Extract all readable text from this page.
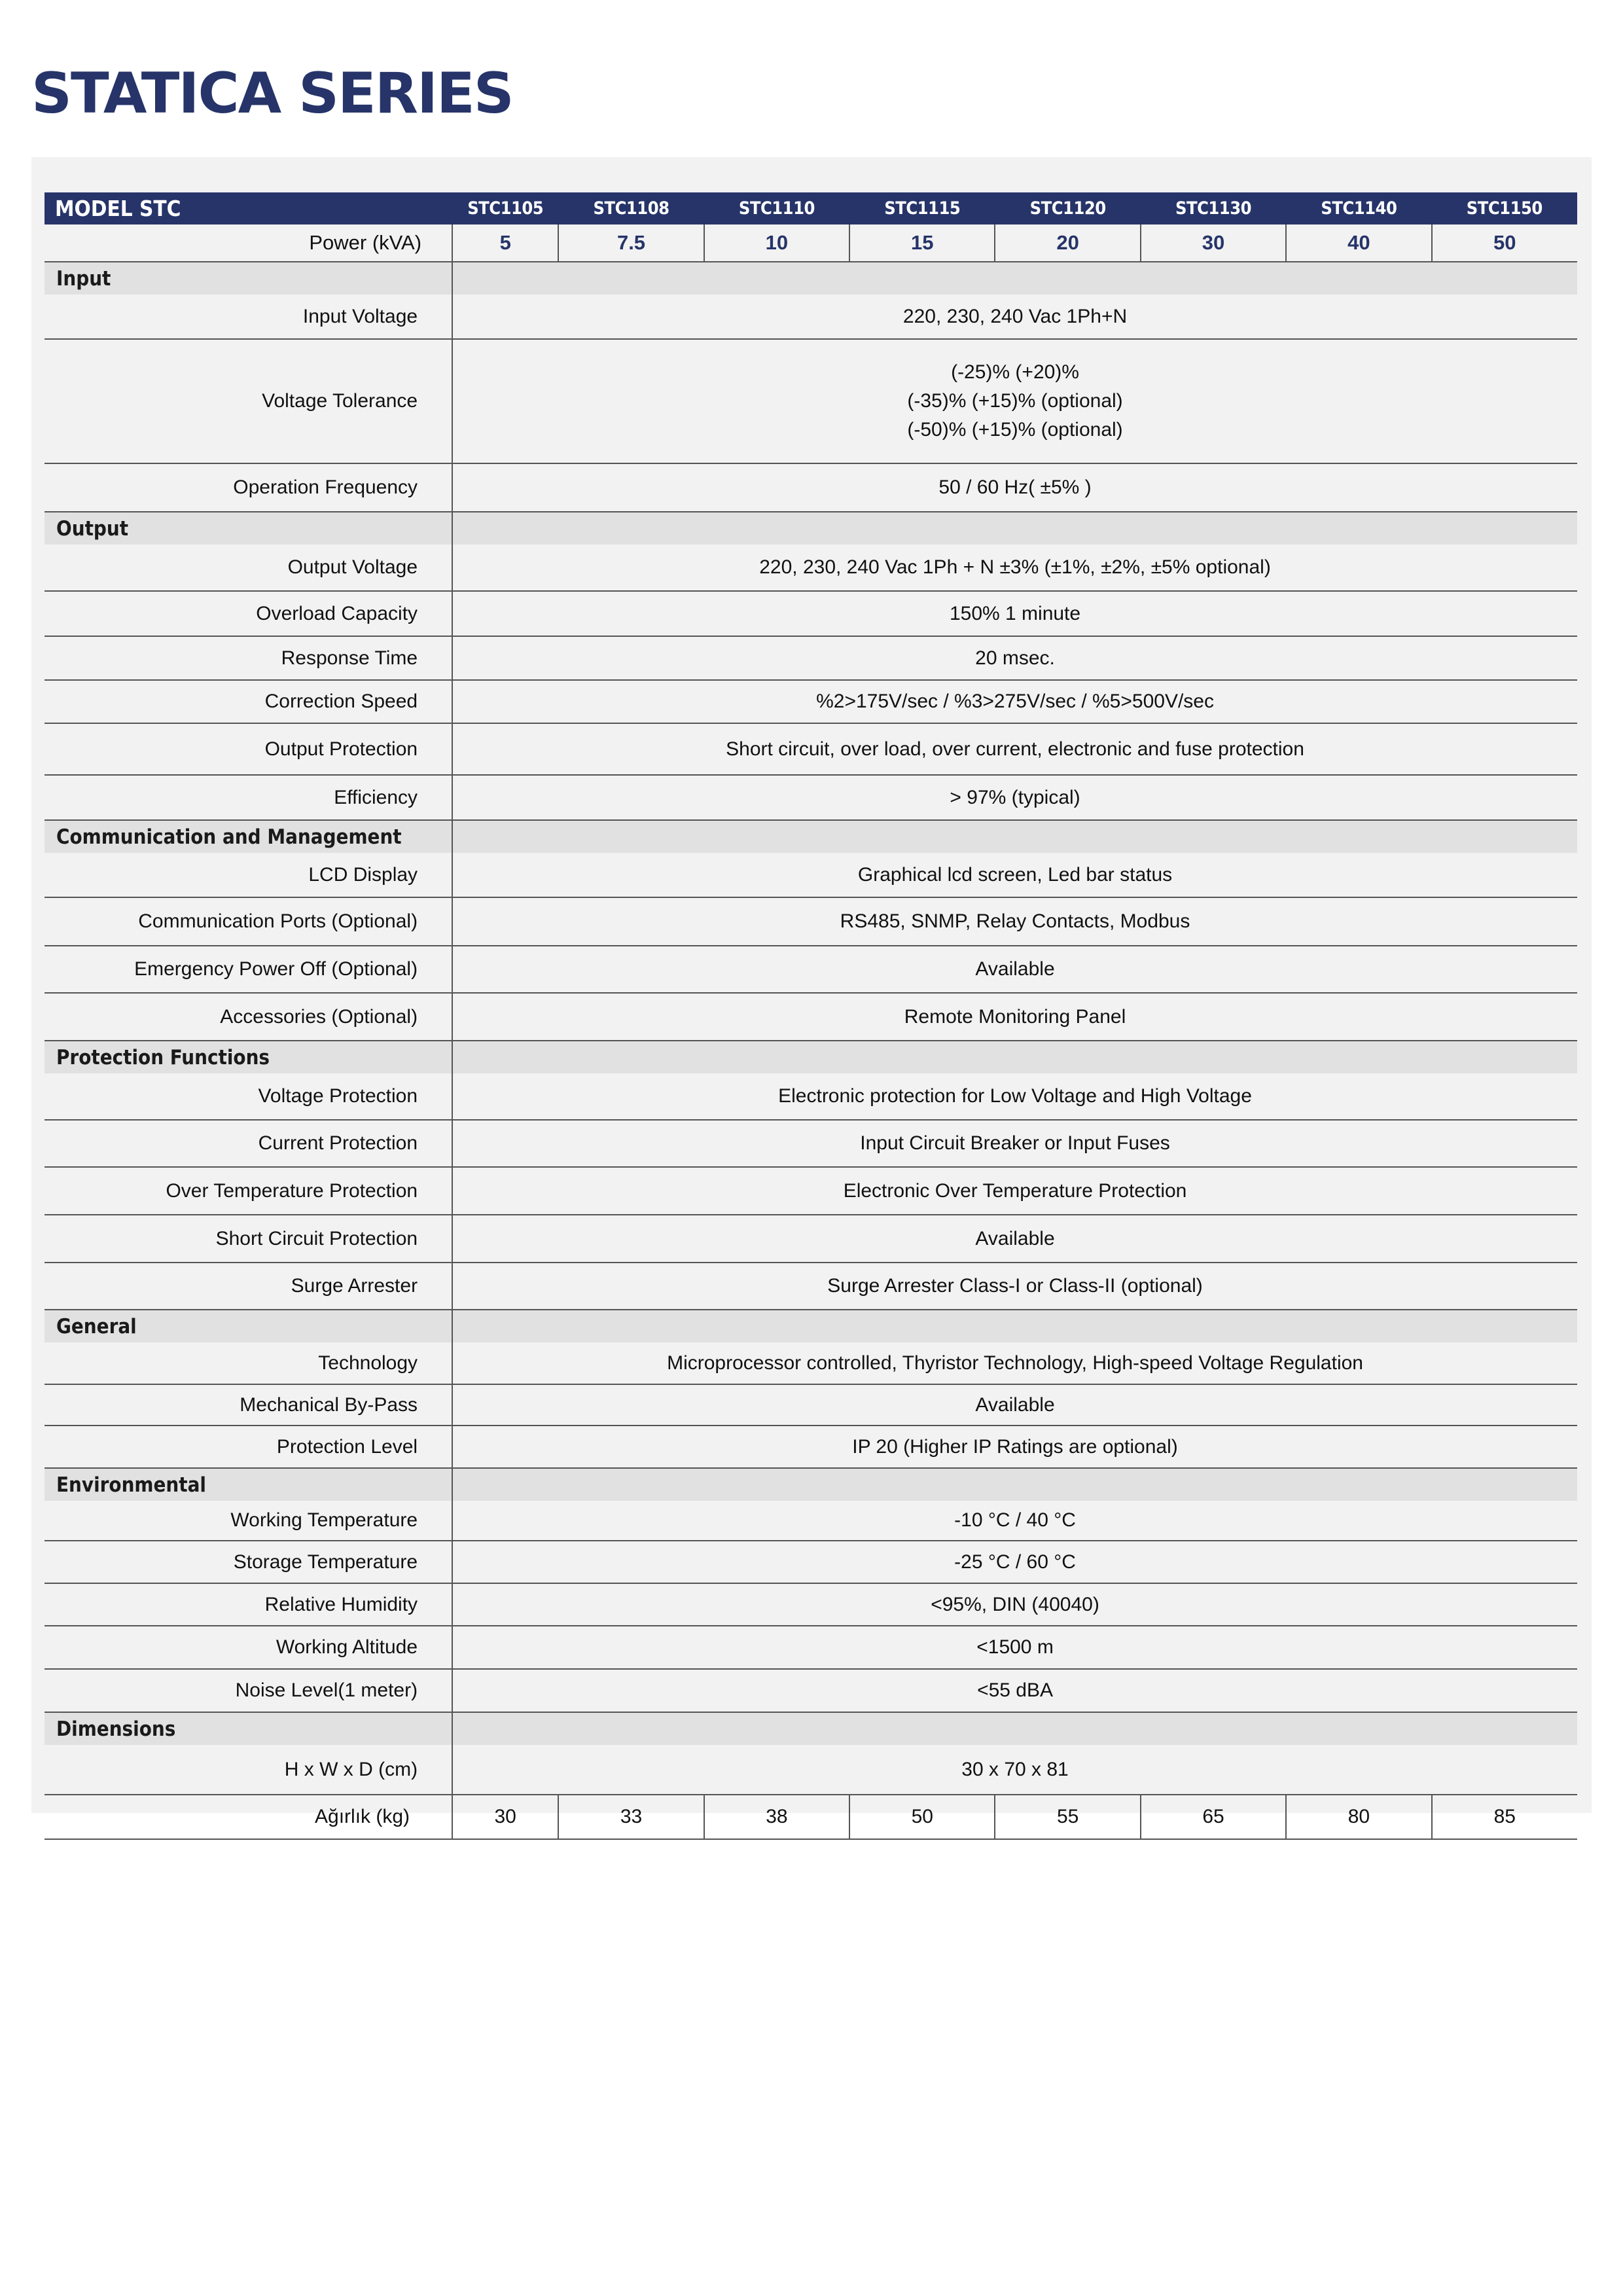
STATICA SERIES
MODEL STC	STC1105	STC1108	STC1110	STC1115	STC1120	STC1130	STC1140	STC1150
Power (kVA)	5	7.5	10	15	20	30	40	50
Input								
Input Voltage	220, 230, 240 Vac 1Ph+N							
Voltage Tolerance	(-25)% (+20)%
(-35)% (+15)% (optional)
(-50)% (+15)% (optional)							
Operation Frequency	50 / 60 Hz( ±5% )							
Output								
Output Voltage	220, 230, 240 Vac 1Ph + N ±3% (±1%, ±2%, ±5% optional)							
Overload Capacity	150% 1 minute							
Response Time	20 msec.							
Correction Speed	%2>175V/sec / %3>275V/sec / %5>500V/sec							
Output Protection	Short circuit, over load, over current, electronic and fuse protection							
Efficiency	> 97% (typical)							
Communication and Management								
LCD Display	Graphical lcd screen, Led bar status							
Communication Ports (Optional)	RS485, SNMP, Relay Contacts, Modbus							
Emergency Power Off (Optional)	Available							
Accessories (Optional)	Remote Monitoring Panel							
Protection Functions								
Voltage Protection	Electronic protection for Low Voltage and High Voltage							
Current Protection	Input Circuit Breaker or Input Fuses							
Over Temperature Protection	Electronic Over Temperature Protection							
Short Circuit Protection	Available							
Surge Arrester	Surge Arrester Class-I or Class-II (optional)							
General								
Technology	Microprocessor controlled, Thyristor Technology, High-speed Voltage Regulation							
Mechanical By-Pass	Available							
Protection Level	IP 20 (Higher IP Ratings are optional)							
Environmental								
Working Temperature	-10 °C / 40 °C							
Storage Temperature	-25 °C / 60 °C							
Relative Humidity	<95%, DIN (40040)							
Working Altitude	<1500 m							
Noise Level(1 meter)	<55 dBA							
Dimensions								
H x W x D (cm)	30 x 70 x 81							
Ağırlık (kg)	30	33	38	50	55	65	80	85
